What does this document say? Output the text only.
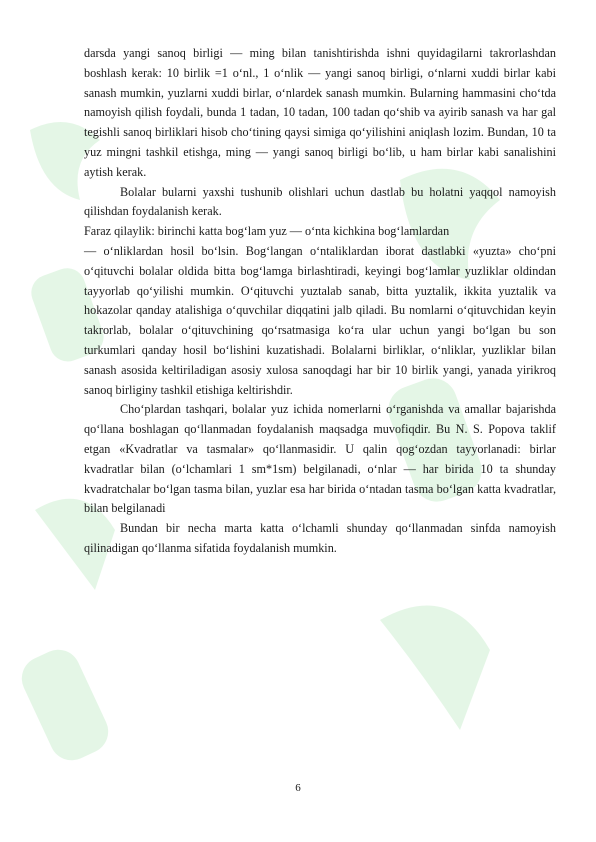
darsda yangi sanoq birligi — ming bilan tanishtirishda ishni quyidagilarni takrorlashdan boshlash kerak: 10 birlik =1 o‘nl., 1 o‘nlik — yangi sanoq birligi, o‘nlarni xuddi birlar kabi sanash mumkin, yuzlarni xuddi birlar, o‘nlardek sanash mumkin. Bularning hammasini cho‘tda namoyish qilish foydali, bunda 1 tadan, 10 tadan, 100 tadan qo‘shib va ayirib sanash va har gal tegishli sanoq birliklari hisob cho‘tining qaysi simiga qo‘yilishini aniqlash lozim. Bundan, 10 ta yuz mingni tashkil etishga, ming — yangi sanoq birligi bo‘lib, u ham birlar kabi sanalishini aytish kerak.

Bolalar bularni yaxshi tushunib olishlari uchun dastlab bu holatni yaqqol namoyish qilishdan foydalanish kerak.

Faraz qilaylik: birinchi katta bog‘lam yuz — o‘nta kichkina bog‘lamlardan

— o‘nliklardan hosil bo‘lsin. Bog‘langan o‘ntaliklardan iborat dastlabki «yuzta» cho‘pni o‘qituvchi bolalar oldida bitta bog‘lamga birlashtiradi, keyingi bog‘lamlar yuzliklar oldindan tayyorlab qo‘yilishi mumkin. O‘qituvchi yuztalab sanab, bitta yuztalik, ikkita yuztalik va hokazolar qanday atalishiga o‘quvchilar diqqatini jalb qiladi. Bu nomlarni o‘qituvchidan keyin takrorlab, bolalar o‘qituvchining qo‘rsatmasiga ko‘ra ular uchun yangi bo‘lgan bu son turkumlari qanday hosil bo‘lishini kuzatishadi. Bolalarni birliklar, o‘nliklar, yuzliklar bilan sanash asosida keltiriladigan asosiy xulosa sanoqdagi har bir 10 birlik yangi, yanada yirikroq sanoq birliginy tashkil etishiga keltirishdir.

Cho‘plardan tashqari, bolalar yuz ichida nomerlarni o‘rganishda va amallar bajarishda qo‘llana boshlagan qo‘llanmadan foydalanish maqsadga muvofiqdir. Bu N. S. Popova taklif etgan «Kvadratlar va tasmalar» qo‘llanmasidir. U qalin qog‘ozdan tayyorlanadi: birlar kvadratlar bilan (o‘lchamlari 1 sm*1sm) belgilanadi, o‘nlar — har birida 10 ta shunday kvadratchalar bo‘lgan tasma bilan, yuzlar esa har birida o‘ntadan tasma bo‘lgan katta kvadratlar, bilan belgilanadi

Bundan bir necha marta katta o‘lchamli shunday qo‘llanmadan sinfda namoyish qilinadigan qo‘llanma sifatida foydalanish mumkin.

6
